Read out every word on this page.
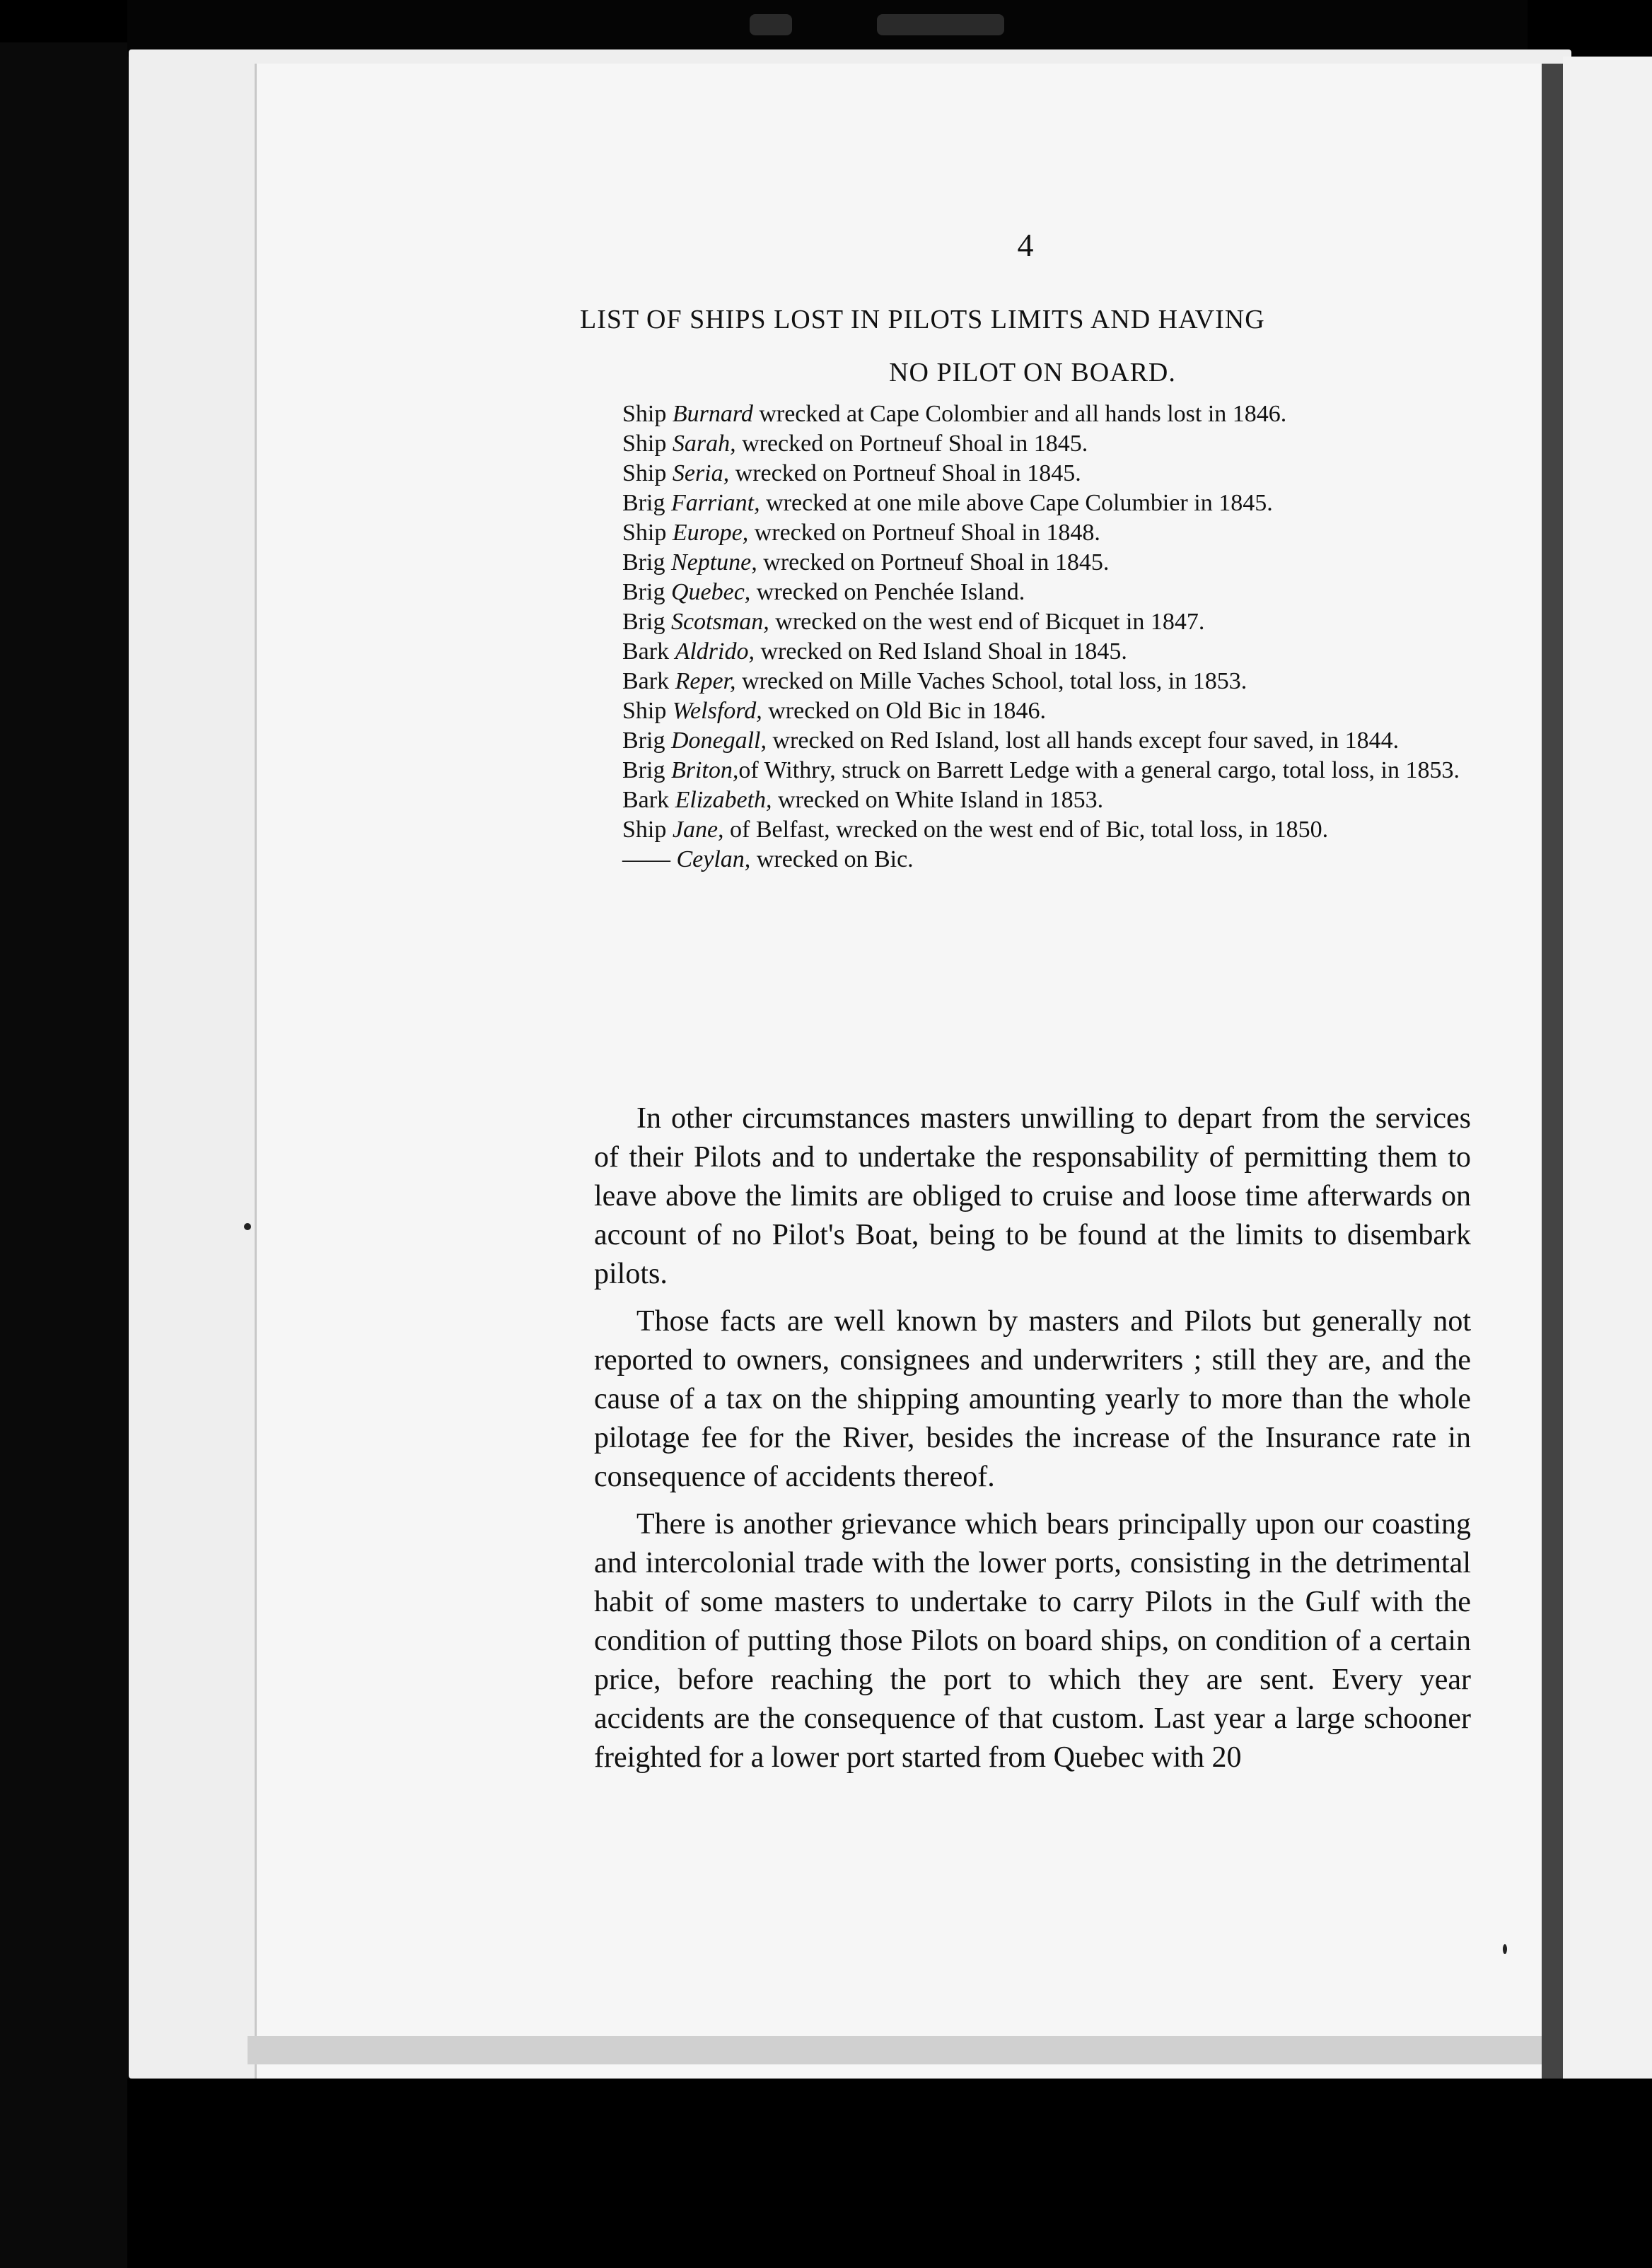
4
LIST OF SHIPS LOST IN PILOTS LIMITS AND HAVING
NO PILOT ON BOARD.
Ship Burnard wrecked at Cape Colombier and all hands lost in 1846.
Ship Sarah, wrecked on Portneuf Shoal in 1845.
Ship Seria, wrecked on Portneuf Shoal in 1845.
Brig Farriant, wrecked at one mile above Cape Columbier in 1845.
Ship Europe, wrecked on Portneuf Shoal in 1848.
Brig Neptune, wrecked on Portneuf Shoal in 1845.
Brig Quebec, wrecked on Penchée Island.
Brig Scotsman, wrecked on the west end of Bicquet in 1847.
Bark Aldrido, wrecked on Red Island Shoal in 1845.
Bark Reper, wrecked on Mille Vaches School, total loss, in 1853.
Ship Welsford, wrecked on Old Bic in 1846.
Brig Donegall, wrecked on Red Island, lost all hands except four saved, in 1844.
Brig Briton,of Withry, struck on Barrett Ledge with a general cargo, total loss, in 1853.
Bark Elizabeth, wrecked on White Island in 1853.
Ship Jane, of Belfast, wrecked on the west end of Bic, total loss, in 1850.
—— Ceylan, wrecked on Bic.

In other circumstances masters unwilling to depart from the services of their Pilots and to undertake the responsability of permitting them to leave above the limits are obliged to cruise and loose time afterwards on account of no Pilot's Boat, being to be found at the limits to disembark pilots.

Those facts are well known by masters and Pilots but generally not reported to owners, consignees and underwriters ; still they are, and the cause of a tax on the shipping amounting yearly to more than the whole pilotage fee for the River, besides the increase of the Insurance rate in consequence of accidents thereof.

There is another grievance which bears principally upon our coasting and intercolonial trade with the lower ports, consisting in the detrimental habit of some masters to undertake to carry Pilots in the Gulf with the condition of putting those Pilots on board ships, on condition of a certain price, before reaching the port to which they are sent. Every year accidents are the consequence of that custom. Last year a large schooner freighted for a lower port started from Quebec with 20
